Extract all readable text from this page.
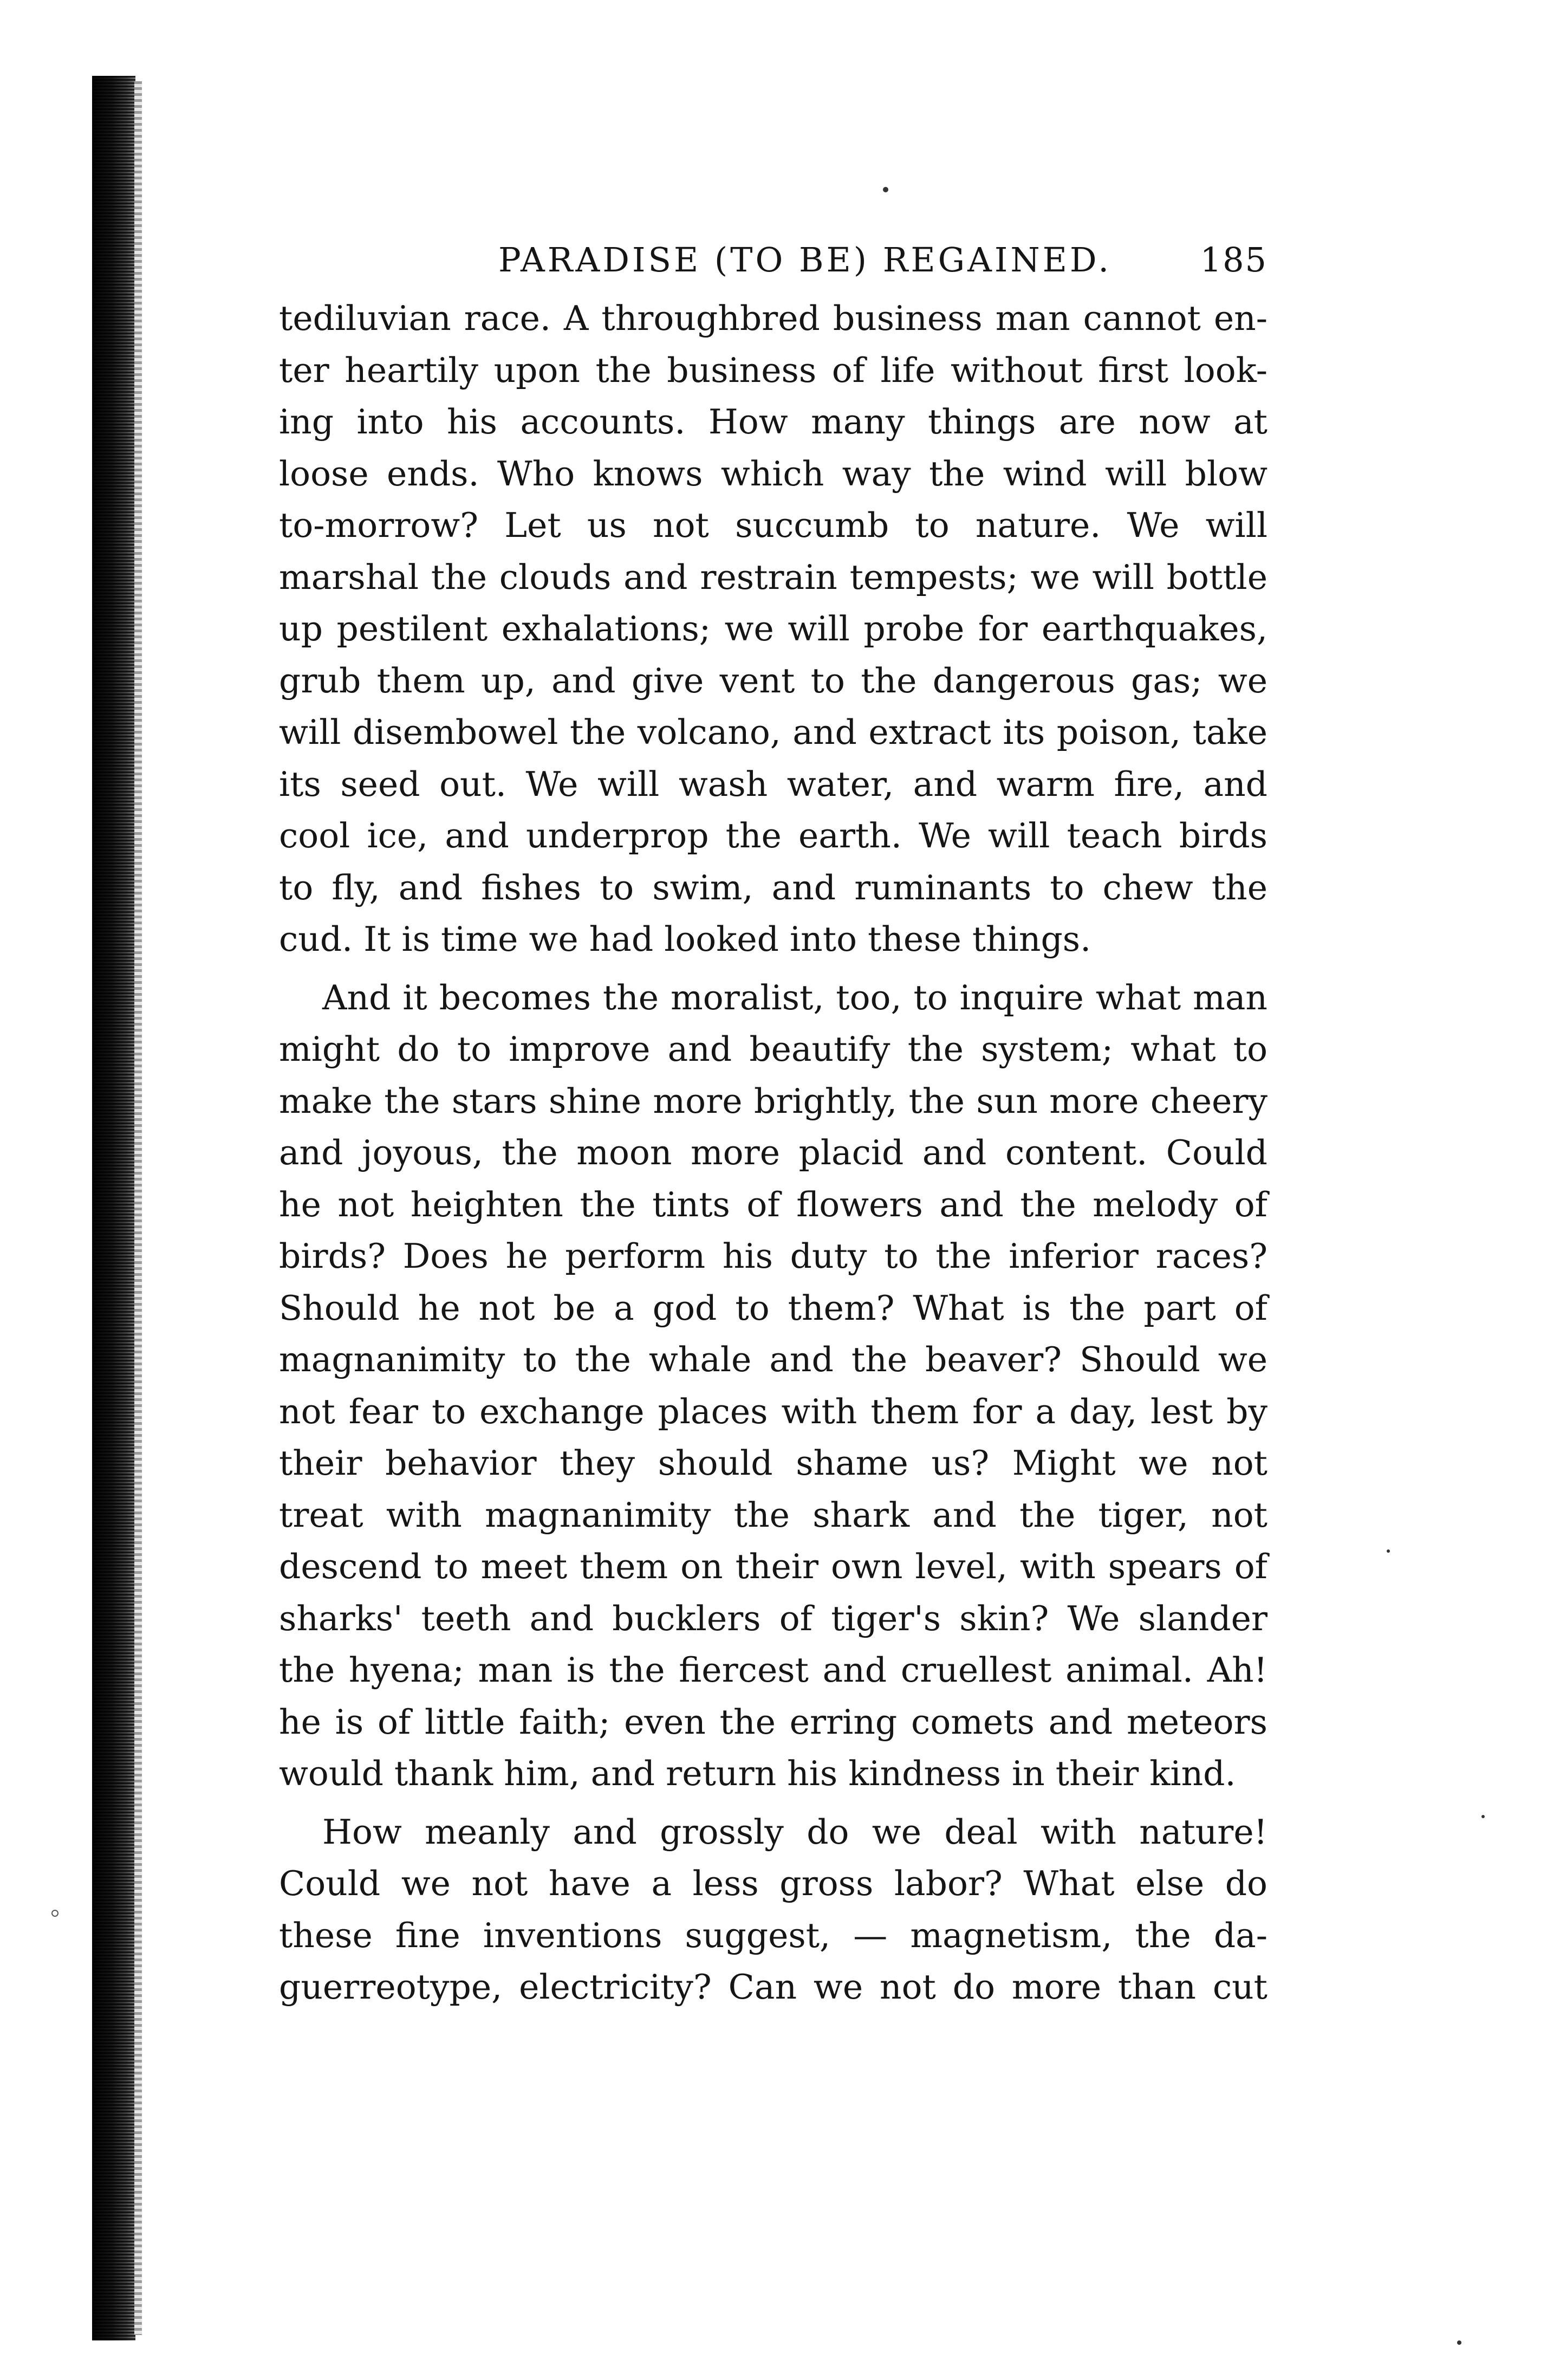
PARADISE (TO BE) REGAINED.	185

tediluvian race. A throughbred business man cannot en-

ter heartily upon the business of life without first look-

ing into his accounts. How many things are now at

loose ends. Who knows which way the wind will blow

to-morrow? Let us not succumb to nature. We will

marshal the clouds and restrain tempests; we will bottle

up pestilent exhalations; we will probe for earthquakes,

grub them up, and give vent to the dangerous gas; we

will disembowel the volcano, and extract its poison, take

its seed out. We will wash water, and warm fire, and

cool ice, and underprop the earth. We will teach birds

to fly, and fishes to swim, and ruminants to chew the

cud. It is time we had looked into these things.

And it becomes the moralist, too, to inquire what man

might do to improve and beautify the system; what to

make the stars shine more brightly, the sun more cheery

and joyous, the moon more placid and content. Could

he not heighten the tints of flowers and the melody of

birds? Does he perform his duty to the inferior races?

Should he not be a god to them? What is the part of

magnanimity to the whale and the beaver? Should we

not fear to exchange places with them for a day, lest by

their behavior they should shame us? Might we not

treat with magnanimity the shark and the tiger, not

descend to meet them on their own level, with spears of

sharks' teeth and bucklers of tiger's skin? We slander

the hyena; man is the fiercest and cruellest animal. Ah!

he is of little faith; even the erring comets and meteors

would thank him, and return his kindness in their kind.

How meanly and grossly do we deal with nature!

Could we not have a less gross labor? What else do

these fine inventions suggest, — magnetism, the da-

guerreotype, electricity? Can we not do more than cut
